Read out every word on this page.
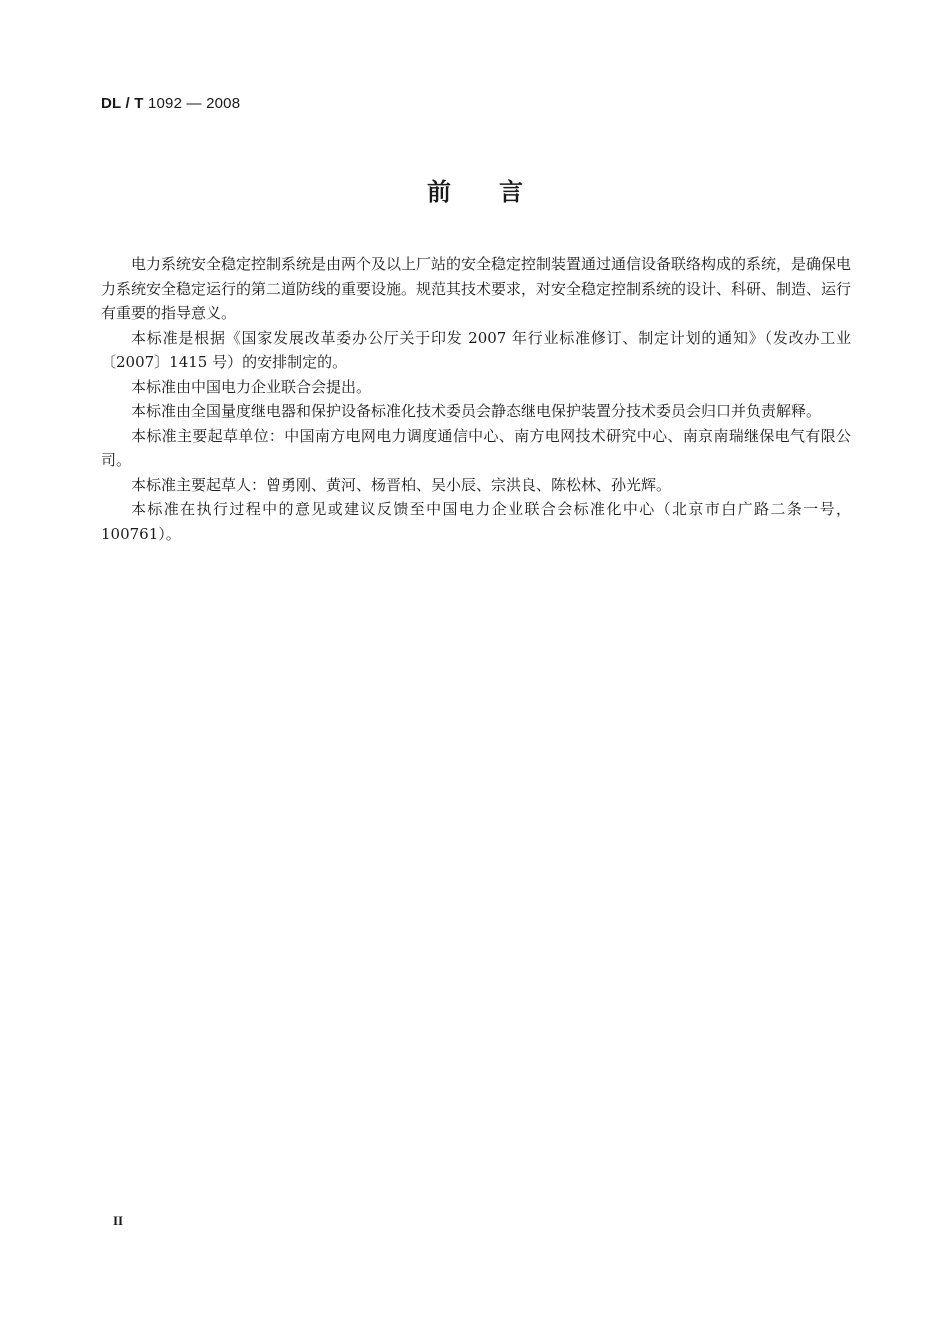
DL / T 1092 — 2008
前　　言

电力系统安全稳定控制系统是由两个及以上厂站的安全稳定控制装置通过通信设备联络构成的系统，是确保电力系统安全稳定运行的第二道防线的重要设施。规范其技术要求，对安全稳定控制系统的设计、科研、制造、运行有重要的指导意义。

本标准是根据《国家发展改革委办公厅关于印发 2007 年行业标准修订、制定计划的通知》（发改办工业〔2007〕1415 号）的安排制定的。

本标准由中国电力企业联合会提出。

本标准由全国量度继电器和保护设备标准化技术委员会静态继电保护装置分技术委员会归口并负责解释。

本标准主要起草单位：中国南方电网电力调度通信中心、南方电网技术研究中心、南京南瑞继保电气有限公司。

本标准主要起草人：曾勇刚、黄河、杨晋柏、吴小辰、宗洪良、陈松林、孙光辉。

本标准在执行过程中的意见或建议反馈至中国电力企业联合会标准化中心（北京市白广路二条一号，100761）。

II
